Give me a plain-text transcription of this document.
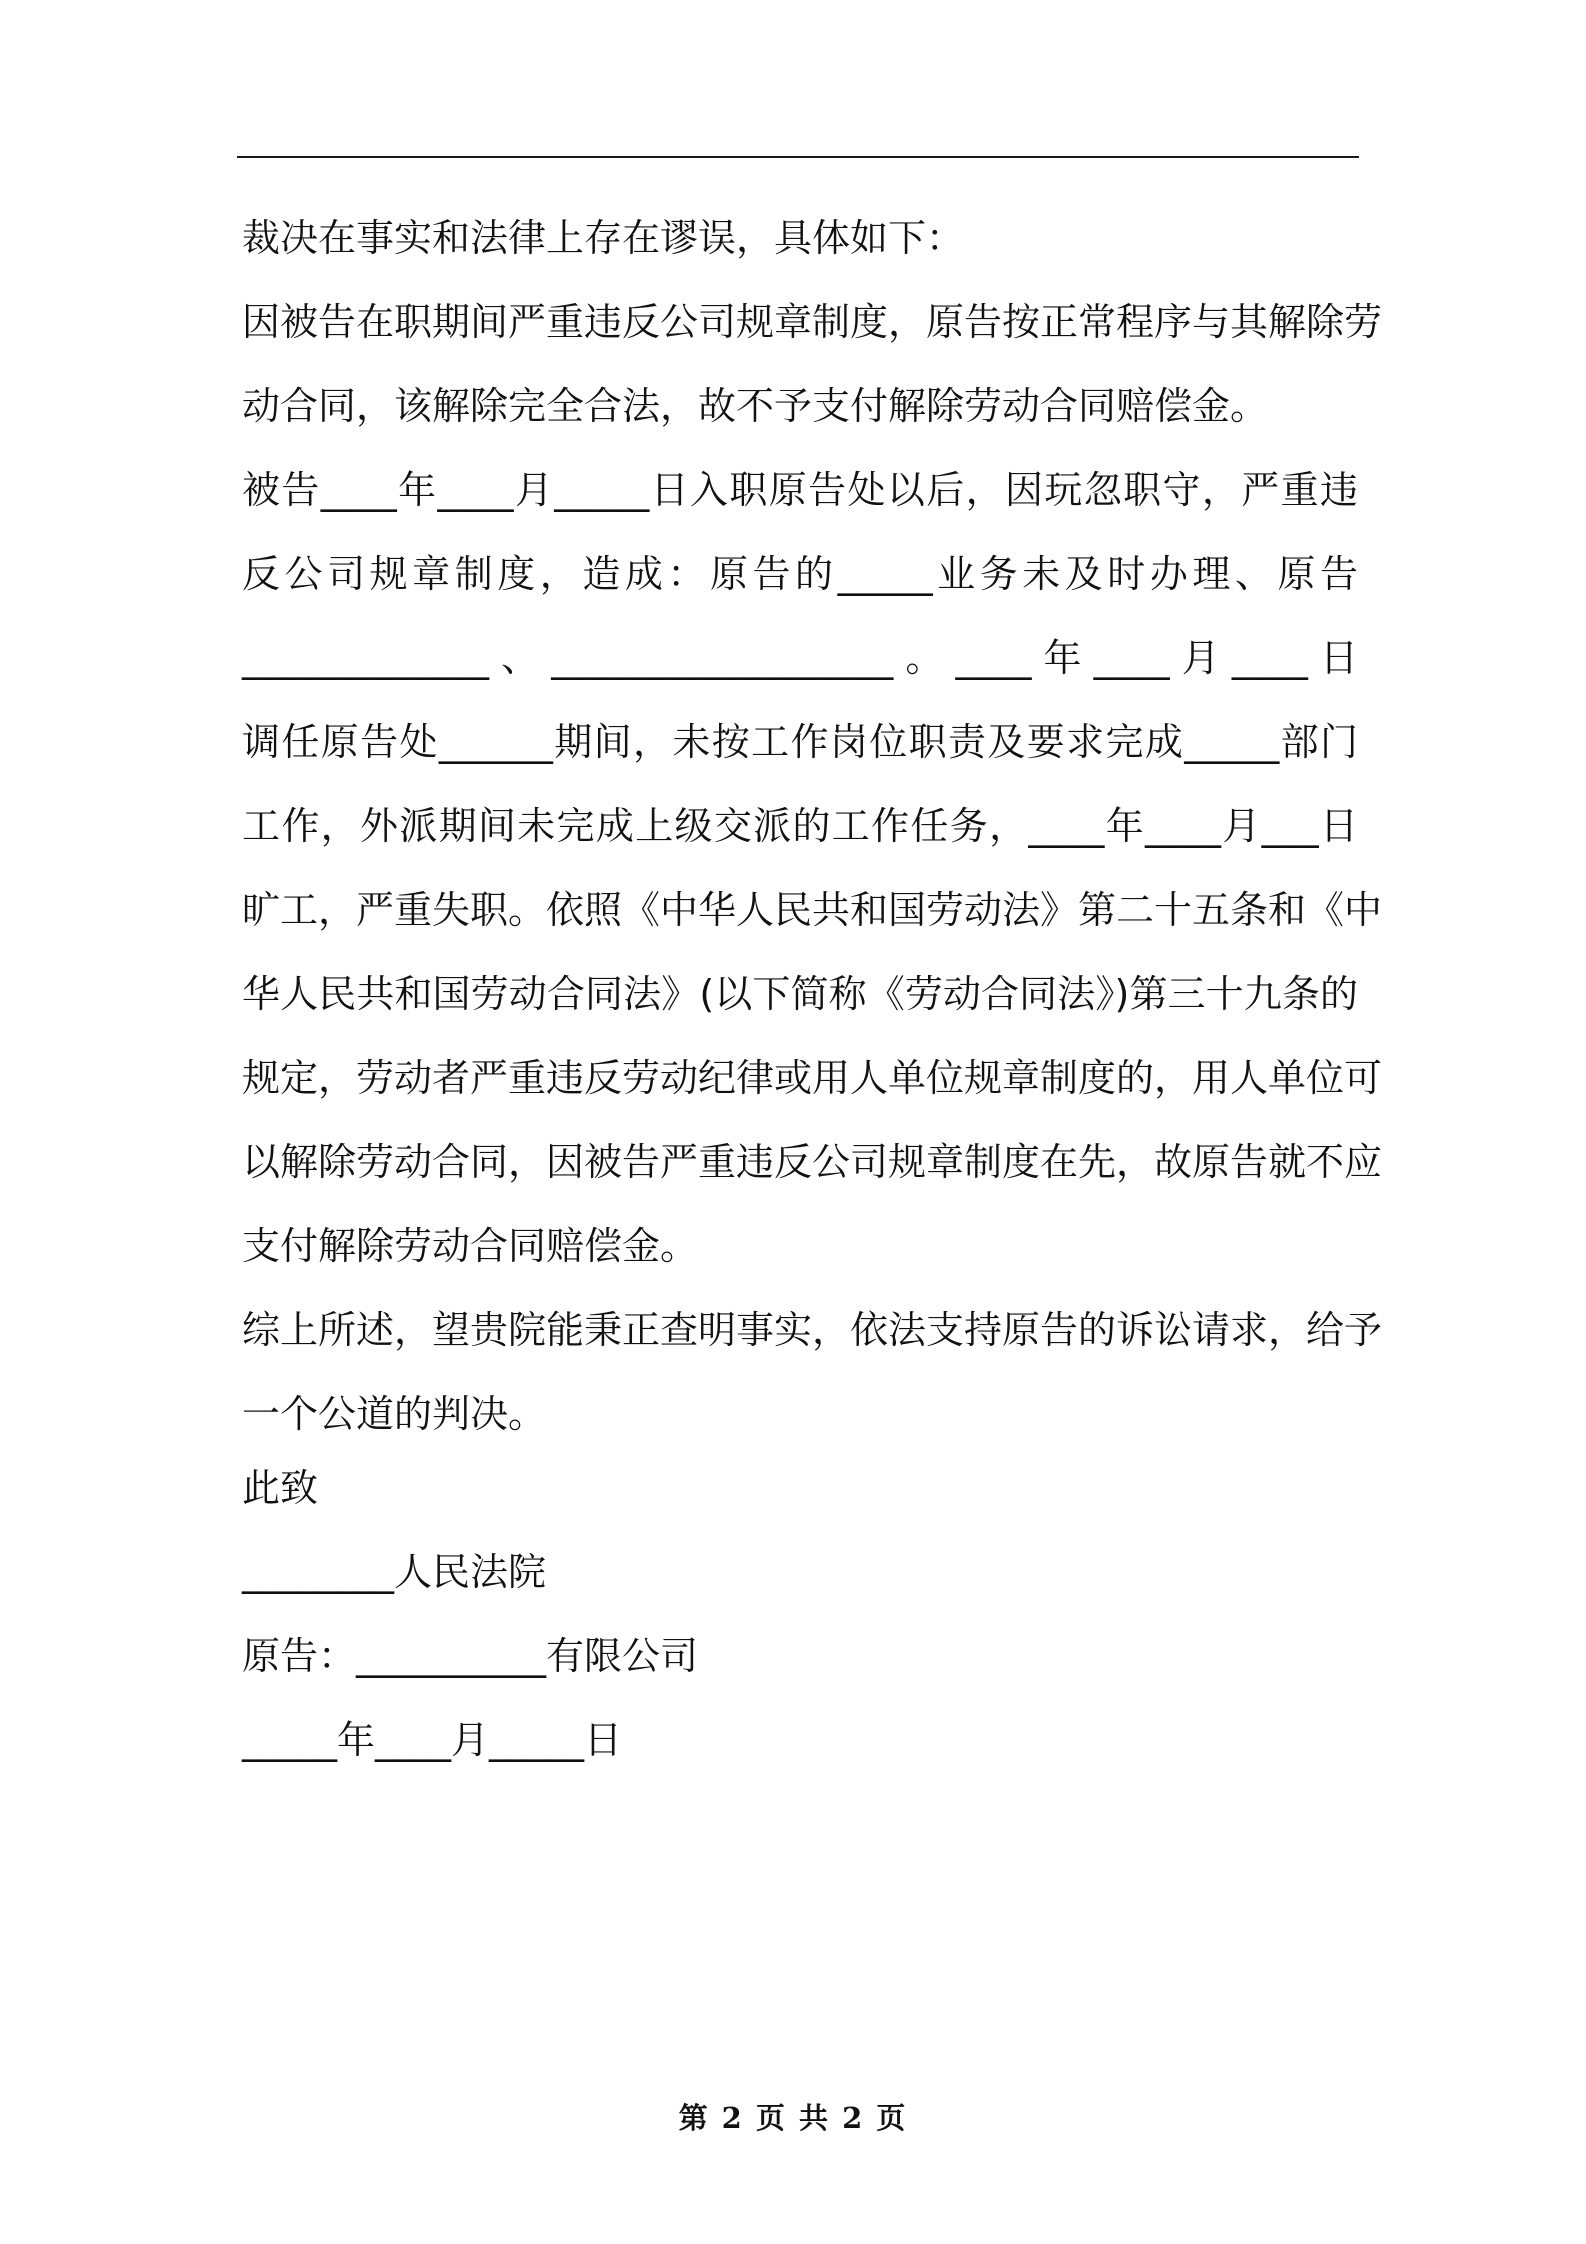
裁决在事实和法律上存在谬误，具体如下：
因被告在职期间严重违反公司规章制度，原告按正常程序与其解除劳
动合同，该解除完全合法，故不予支付解除劳动合同赔偿金。
被告____年____月_____日入职原告处以后，因玩忽职守，严重违
反公司规章制度，造成：原告的_____业务未及时办理、原告
_____________、__________________。____年____月____日
调任原告处______期间，未按工作岗位职责及要求完成_____部门
工作，外派期间未完成上级交派的工作任务，____年____月___日
旷工，严重失职。依照《中华人民共和国劳动法》第二十五条和《中
华人民共和国劳动合同法》(以下简称《劳动合同法》)第三十九条的
规定，劳动者严重违反劳动纪律或用人单位规章制度的，用人单位可
以解除劳动合同，因被告严重违反公司规章制度在先，故原告就不应
支付解除劳动合同赔偿金。
综上所述，望贵院能秉正查明事实，依法支持原告的诉讼请求，给予
一个公道的判决。
此致
________人民法院
原告：__________有限公司
_____年____月_____日
第 2 页 共 2 页
